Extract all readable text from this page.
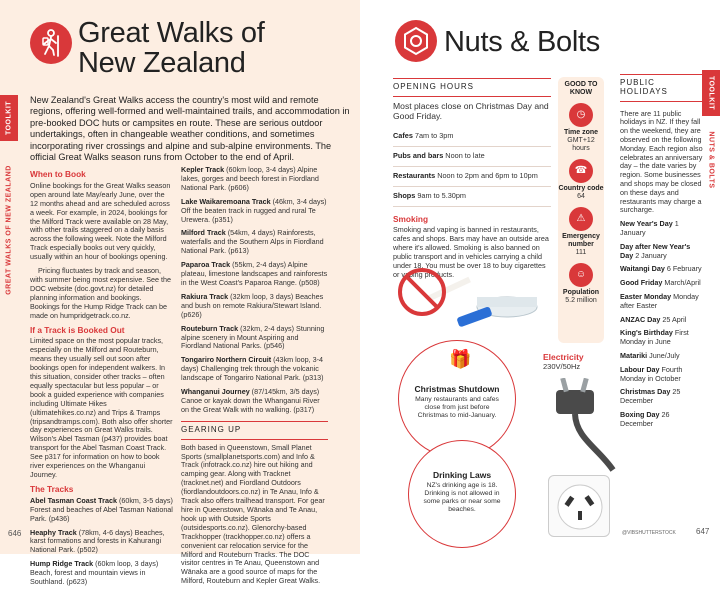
TOOLKIT
GREAT WALKS OF NEW ZEALAND
Great Walks of
New Zealand
New Zealand's Great Walks access the country's most wild and remote regions, offering well-formed and well-maintained trails, and accommodation in pre-booked DOC huts or campsites en route. These are serious outdoor undertakings, often in changeable weather conditions, and sometimes incorporating river crossings and alpine and sub-alpine environments. The official Great Walks season runs from October to the end of April.
When to Book

Online bookings for the Great Walks season open around late May/early June, over the 12 months ahead and are scheduled across a week. For example, in 2024, bookings for the Milford Track were available on 28 May, with other trails staggered on a daily basis across the following week. Note the Milford Track especially books out very quickly, usually within an hour of bookings opening.

Pricing fluctuates by track and season, with summer being most expensive. See the DOC website (doc.govt.nz) for detailed planning information and bookings. Bookings for the Hump Ridge Track can be made on humpridgetrack.co.nz.

If a Track is Booked Out

Limited space on the most popular tracks, especially on the Milford and Routeburn, means they usually sell out soon after bookings open for independent walkers. In this situation, consider other tracks – often equally spectacular but less popular – or book a guided experience with companies including Ultimate Hikes (ultimatehikes.co.nz) and Trips & Tramps (tripsandtramps.com). Both also offer shorter day experiences on Great Walks trails. Wilson's Abel Tasman (p437) provides boat transport for the Abel Tasman Coast Track. See p317 for information on how to book river experiences on the Whanganui Journey.

The Tracks

Abel Tasman Coast Track (60km, 3-5 days) Forest and beaches of Abel Tasman National Park. (p436)

Heaphy Track (78km, 4-6 days) Beaches, karst formations and forests in Kahurangi National Park. (p502)

Hump Ridge Track (60km loop, 3 days) Beach, forest and mountain views in Southland. (p623)

Kepler Track (60km loop, 3-4 days) Alpine lakes, gorges and beech forest in Fiordland National Park. (p606)

Lake Waikaremoana Track (46km, 3-4 days) Off the beaten track in rugged and rural Te Urewera. (p351)

Milford Track (54km, 4 days) Rainforests, waterfalls and the Southern Alps in Fiordland National Park. (p613)

Paparoa Track (55km, 2-4 days) Alpine plateau, limestone landscapes and rainforests in the West Coast's Paparoa Range. (p508)

Rakiura Track (32km loop, 3 days) Beaches and bush on remote Rakiura/Stewart Island. (p626)

Routeburn Track (32km, 2-4 days) Stunning alpine scenery in Mount Aspiring and Fiordland National Parks. (p546)

Tongariro Northern Circuit (43km loop, 3-4 days) Challenging trek through the volcanic landscape of Tongariro National Park. (p313)

Whanganui Journey (87/145km, 3/5 days) Canoe or kayak down the Whanganui River on the Great Walk with no walking. (p317)

GEARING UP

Both based in Queenstown, Small Planet Sports (smallplanetsports.com) and Info & Track (infotrack.co.nz) hire out hiking and camping gear. Along with Tracknet (tracknet.net) and Fiordland Outdoors (fiordlandoutdoors.co.nz) in Te Anau, Info & Track also offers trailhead transport. For gear hire in Queenstown, Wānaka and Te Anau, hook up with Outside Sports (outsidesports.co.nz). Glenorchy-based Trackhopper (trackhopper.co.nz) offers a convenient car relocation service for the Milford and Routeburn Tracks. The DOC visitor centres in Te Anau, Queenstown and Wānaka are a good source of maps for the Milford, Routeburn and Kepler Great Walks.

646
TOOLKIT
NUTS & BOLTS
Nuts & Bolts
OPENING HOURS

Most places close on Christmas Day and Good Friday.

Cafes 7am to 3pm
Pubs and bars Noon to late
Restaurants Noon to 2pm and 6pm to 10pm
Shops 9am to 5.30pm
Smoking

Smoking and vaping is banned in restaurants, cafes and shops. Bars may have an outside area where it's allowed. Smoking is also banned on public transport and in vehicles carrying a child under 18. You must be over 18 to buy cigarettes or vaping products.

GOOD TO KNOW
◷
Time zone
GMT+12 hours
☎
Country code
64
⚠
Emergency number
111
☺
Population
5.2 million
PUBLIC HOLIDAYS

There are 11 public holidays in NZ. If they fall on the weekend, they are observed on the following Monday. Each region also celebrates an anniversary day – the date varies by region. Some businesses and shops may be closed on these days and restaurants may charge a surcharge.

New Year's Day 1 January
Day after New Year's Day 2 January
Waitangi Day 6 February
Good Friday March/April
Easter Monday Monday after Easter
ANZAC Day 25 April
King's Birthday First Monday in June
Matariki June/July
Labour Day Fourth Monday in October
Christmas Day 25 December
Boxing Day 26 December
Electricity
230V/50Hz
🎁
Christmas Shutdown
Many restaurants and cafes close from just before Christmas to mid-January.
Drinking Laws
NZ's drinking age is 18. Drinking is not allowed in some parks or near some beaches.
@VIBSHUTTERSTOCK	647
